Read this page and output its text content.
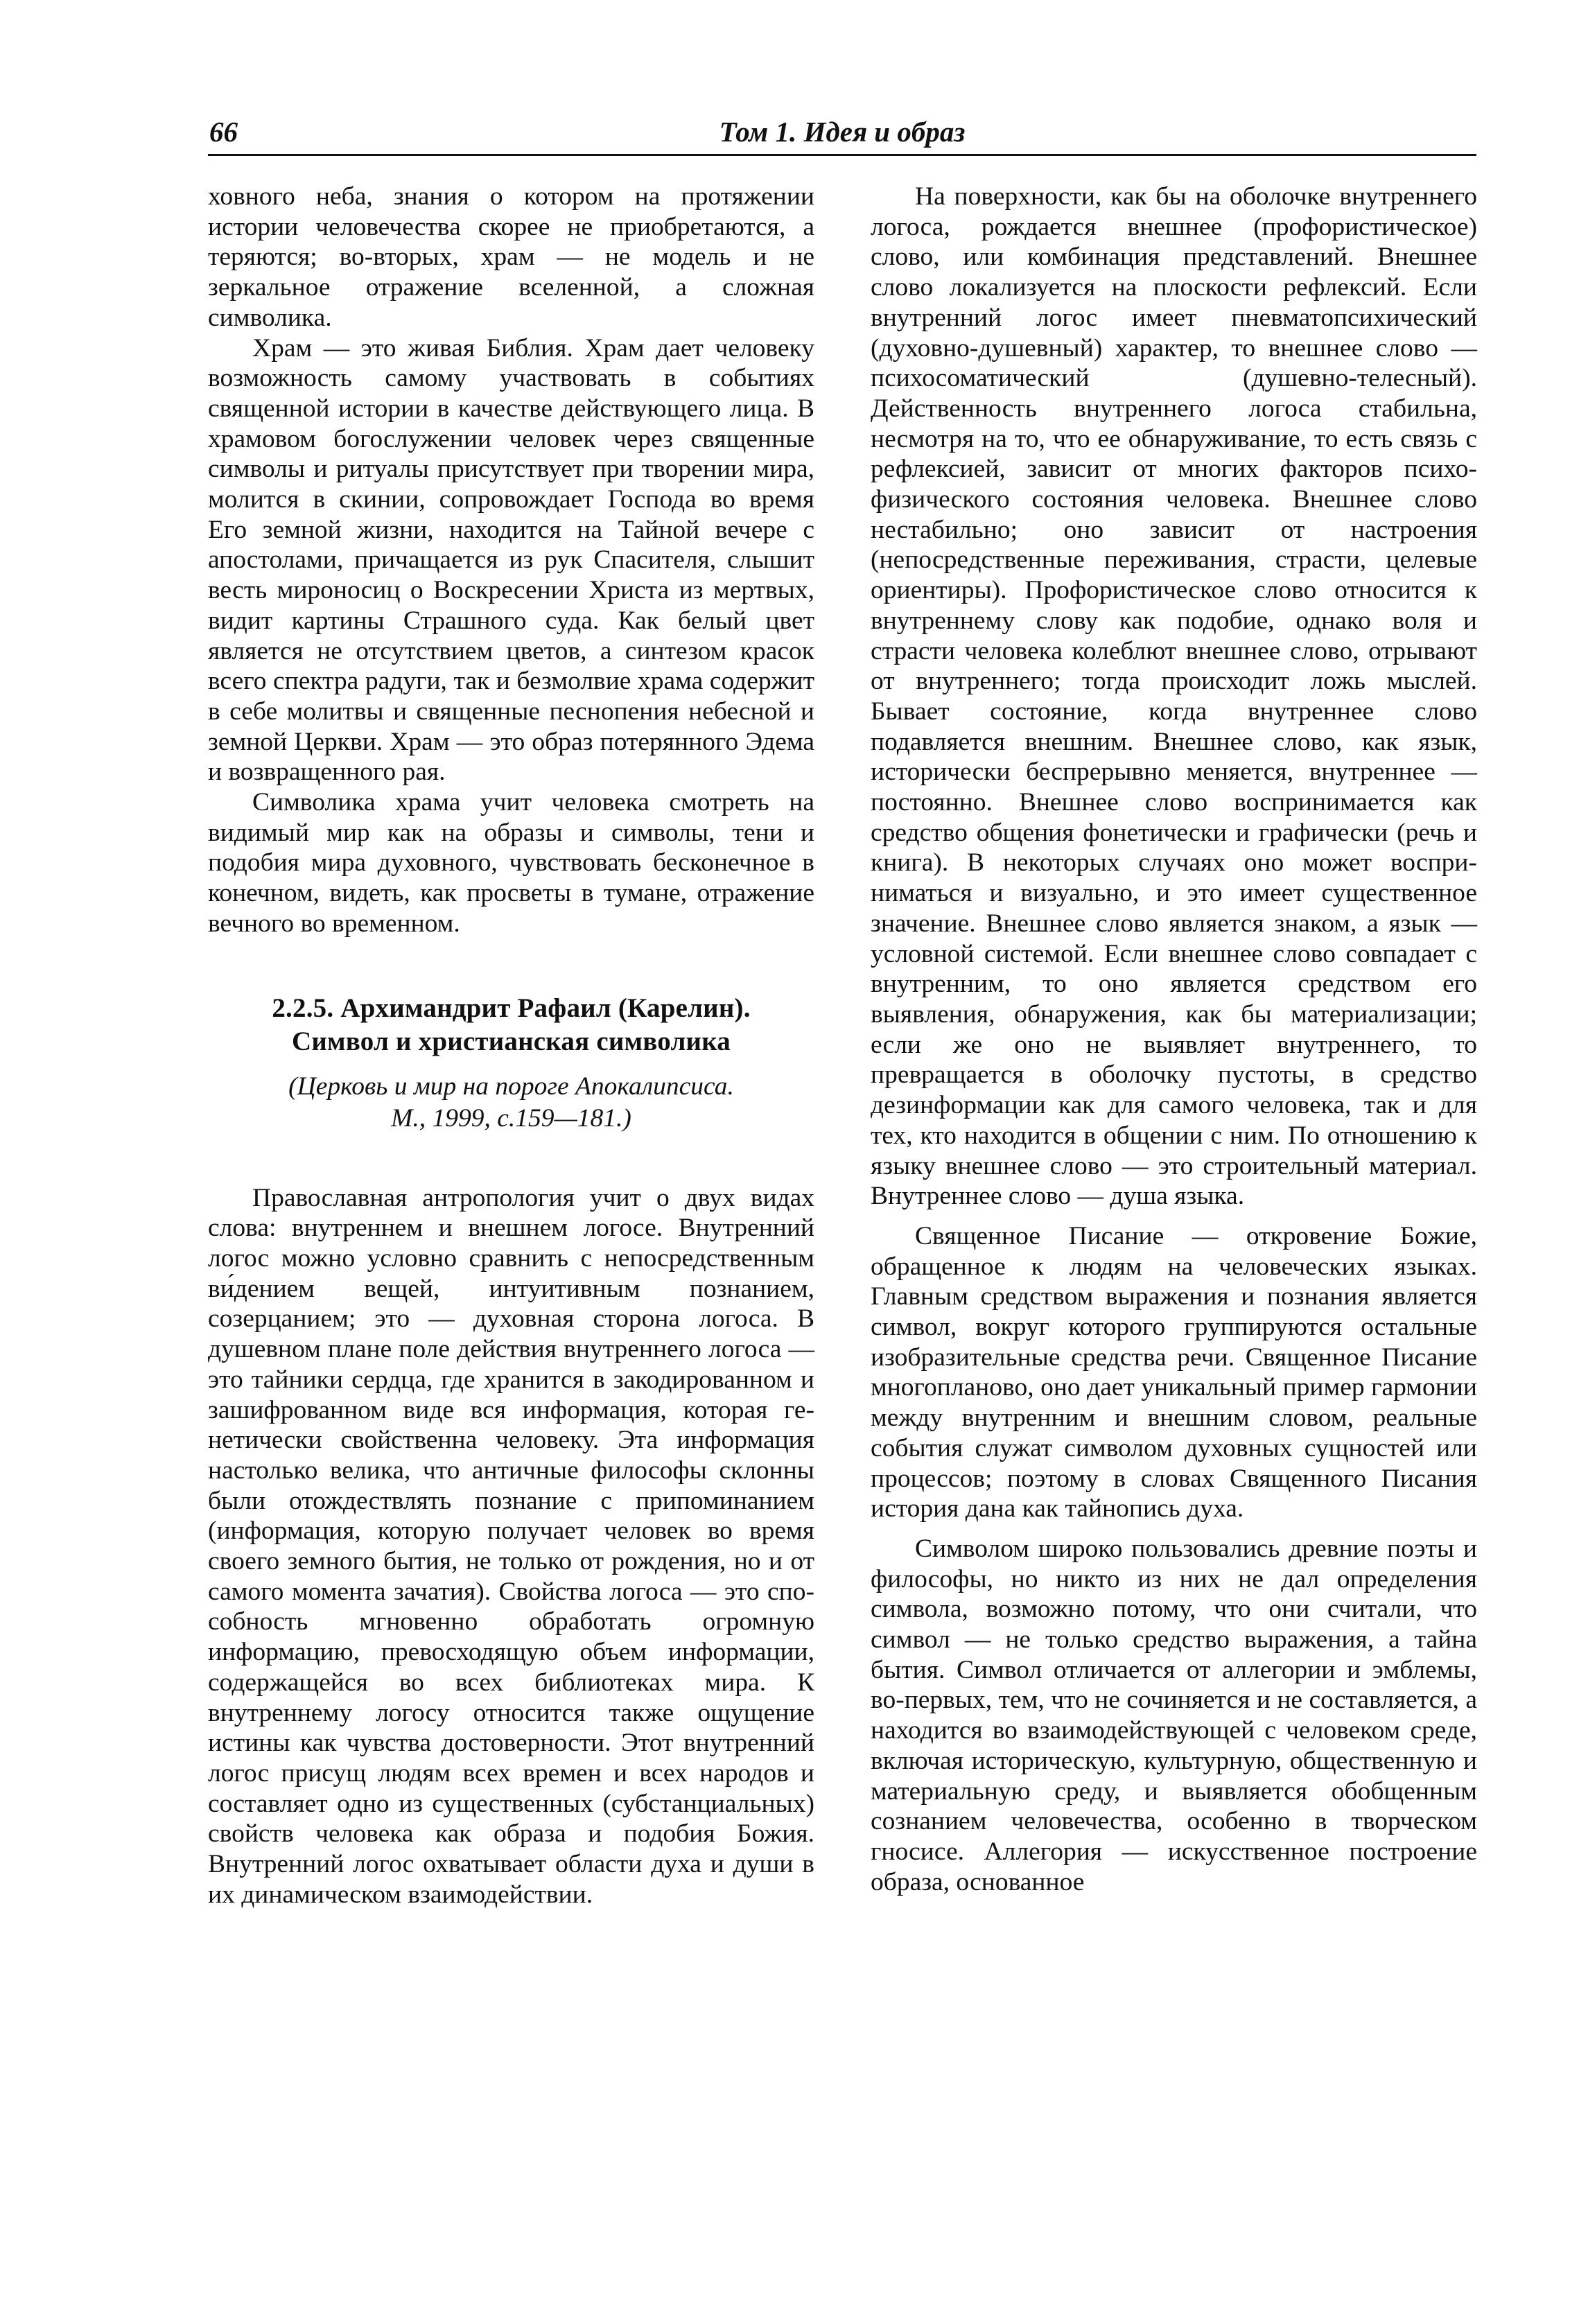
66	Том 1. Идея и образ

ховного неба, знания о котором на протяжении истории человечества скорее не приобретаются, а теряются; во-вторых, храм — не модель и не зеркальное отражение вселенной, а сложная символика.

Храм — это живая Библия. Храм дает человеку возможность самому участвовать в событиях священной истории в качестве действующего лица. В храмовом богослужении человек через священные символы и ритуалы присутствует при творении мира, молится в скинии, сопровождает Господа во время Его земной жизни, находится на Тайной вечере с апостолами, причащается из рук Спасителя, слышит весть мироносиц о Воскресении Христа из мертвых, видит картины Страшного суда. Как белый цвет является не отсутствием цветов, а синтезом красок всего спектра радуги, так и безмолвие храма содержит в себе молитвы и священные песнопения небесной и земной Церкви. Храм — это образ потерянного Эдема и возвращенного рая.

Символика храма учит человека смотреть на видимый мир как на образы и символы, тени и подобия мира духовного, чувствовать бесконечное в конечном, видеть, как просветы в тумане, отражение вечного во временном.

2.2.5. Архимандрит Рафаил (Карелин).
Символ и христианская символика
(Церковь и мир на пороге Апокалипсиса.
М., 1999, с.159—181.)

Православная антропология учит о двух видах слова: внутреннем и внешнем логосе. Внутренний логос можно условно сравнить с непосредственным ви́дением вещей, интуитивным познанием, созерцанием; это — духовная сторона логоса. В душевном плане поле действия внутреннего логоса — это тайники сердца, где хранится в закодированном и зашифрованном виде вся информация, которая генетически свойственна человеку. Эта информация настолько велика, что античные философы склонны были отождествлять познание с припоминанием (информация, которую получает человек во время своего земного бытия, не только от рождения, но и от самого момента зачатия). Свойства логоса — это способность мгновенно обработать огромную информацию, превосходящую объем информации, содержащейся во всех библиотеках мира. К внутреннему логосу относится также ощущение истины как чувства достоверности. Этот внутренний логос присущ людям всех времен и всех народов и составляет одно из существенных (субстанциальных) свойств человека как образа и подобия Божия. Внутренний логос охватывает области духа и души в их динамическом взаимодействии.

На поверхности, как бы на оболочке внутреннего логоса, рождается внешнее (профористическое) слово, или комбинация представлений. Внешнее слово локализуется на плоскости рефлексий. Если внутренний логос имеет пневматопсихический (духовно-душевный) характер, то внешнее слово — психосоматический (душевно-телесный). Действенность внутреннего логоса стабильна, несмотря на то, что ее обнаруживание, то есть связь с рефлексией, зависит от многих факторов психофизического состояния человека. Внешнее слово нестабильно; оно зависит от настроения (непосредственные переживания, страсти, целевые ориентиры). Профористическое слово относится к внутреннему слову как подобие, однако воля и страсти человека колеблют внешнее слово, отрывают от внутреннего; тогда происходит ложь мыслей. Бывает состояние, когда внутреннее слово подавляется внешним. Внешнее слово, как язык, исторически беспрерывно меняется, внутреннее — постоянно. Внешнее слово воспринимается как средство общения фонетически и графически (речь и книга). В некоторых случаях оно может восприниматься и визуально, и это имеет существенное значение. Внешнее слово является знаком, а язык — условной системой. Если внешнее слово совпадает с внутренним, то оно является средством его выявления, обнаружения, как бы материализации; если же оно не выявляет внутреннего, то превращается в оболочку пустоты, в средство дезинформации как для самого человека, так и для тех, кто находится в общении с ним. По отношению к языку внешнее слово — это строительный материал. Внутреннее слово — душа языка.

Священное Писание — откровение Божие, обращенное к людям на человеческих языках. Главным средством выражения и познания является символ, вокруг которого группируются остальные изобразительные средства речи. Священное Писание многопланово, оно дает уникальный пример гармонии между внутренним и внешним словом, реальные события служат символом духовных сущностей или процессов; поэтому в словах Священного Писания история дана как тайнопись духа.

Символом широко пользовались древние поэты и философы, но никто из них не дал определения символа, возможно потому, что они считали, что символ — не только средство выражения, а тайна бытия. Символ отличается от аллегории и эмблемы, во-первых, тем, что не сочиняется и не составляется, а находится во взаимодействующей с человеком среде, включая историческую, культурную, общественную и материальную среду, и выявляется обобщенным сознанием человечества, особенно в творческом гносисе. Аллегория — искусственное построение образа, основанное
